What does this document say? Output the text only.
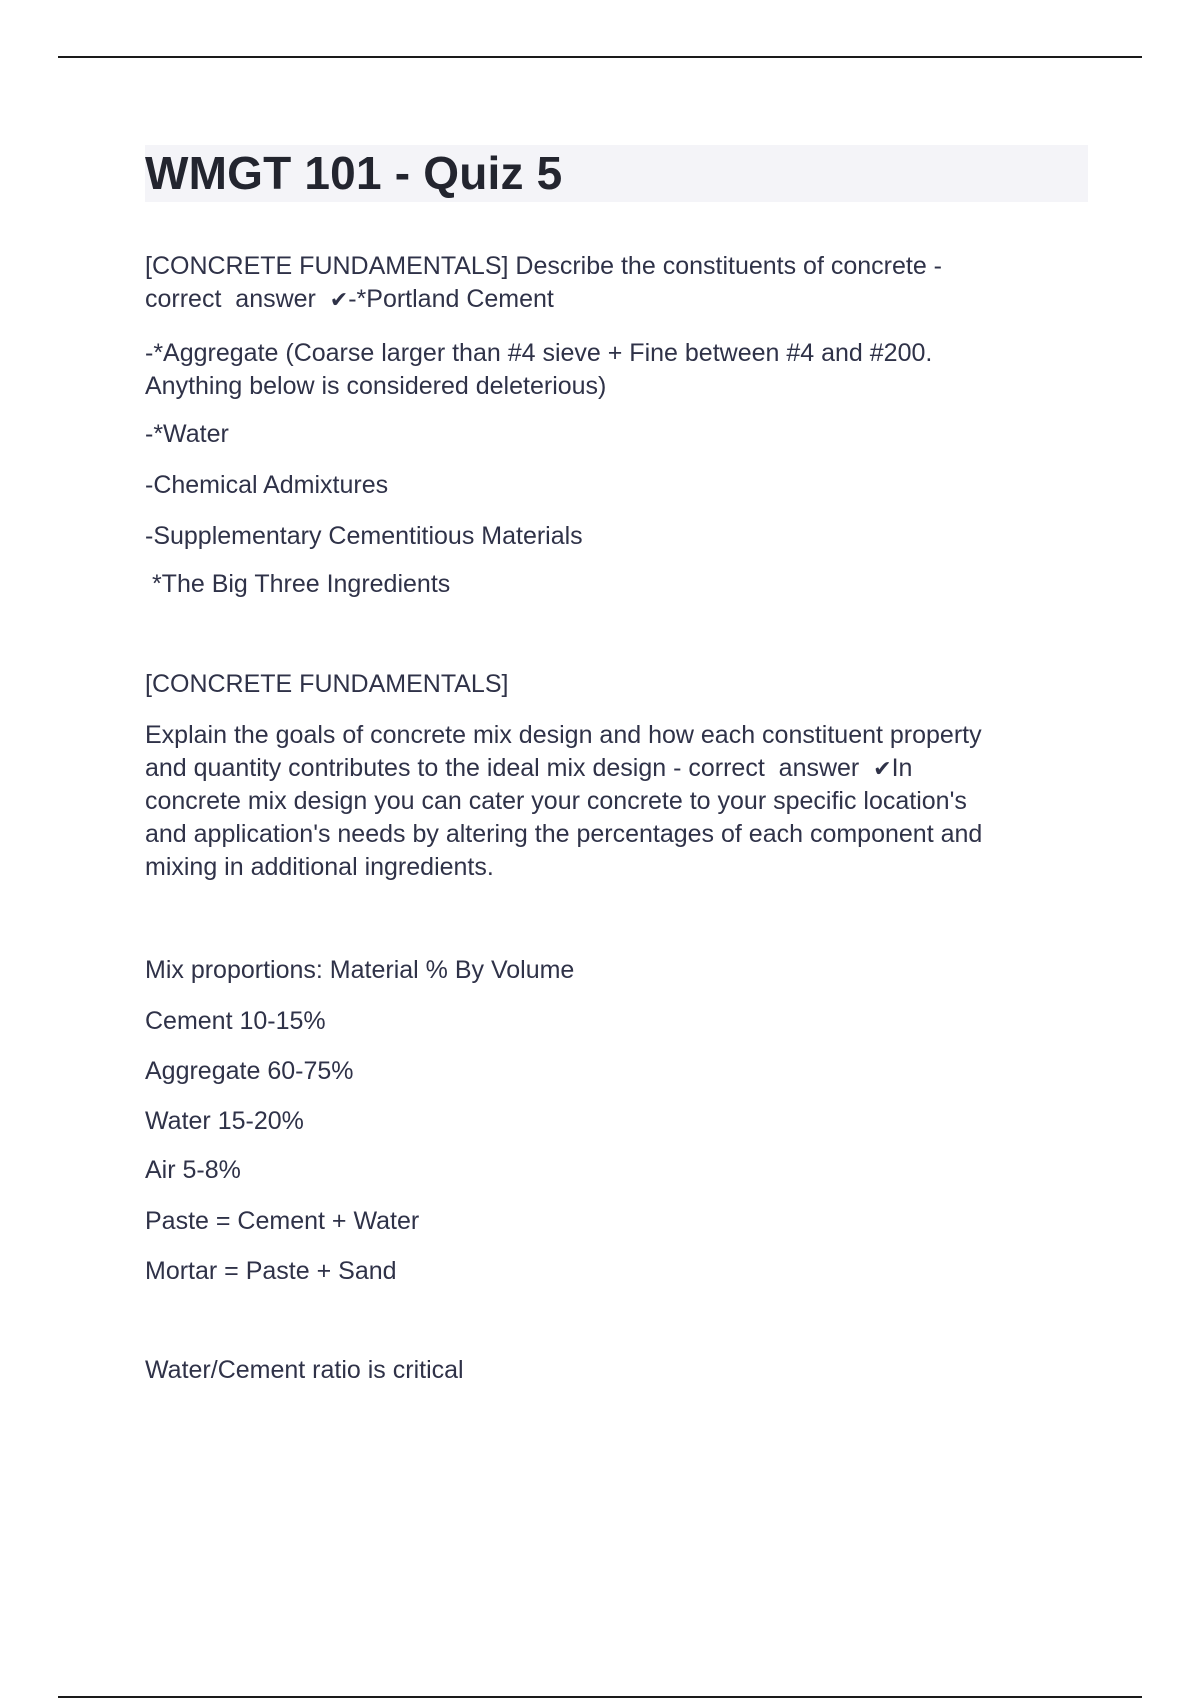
WMGT 101 - Quiz 5

[CONCRETE FUNDAMENTALS] Describe the constituents of concrete -

correct  answer  ✔-*Portland Cement

-*Aggregate (Coarse larger than #4 sieve + Fine between #4 and #200.

Anything below is considered deleterious)

-*Water

-Chemical Admixtures

-Supplementary Cementitious Materials

*The Big Three Ingredients

[CONCRETE FUNDAMENTALS]

Explain the goals of concrete mix design and how each constituent property

and quantity contributes to the ideal mix design - correct  answer  ✔In

concrete mix design you can cater your concrete to your specific location's

and application's needs by altering the percentages of each component and

mixing in additional ingredients.

Mix proportions: Material % By Volume

Cement 10-15%

Aggregate 60-75%

Water 15-20%

Air 5-8%

Paste = Cement + Water

Mortar = Paste + Sand

Water/Cement ratio is critical
